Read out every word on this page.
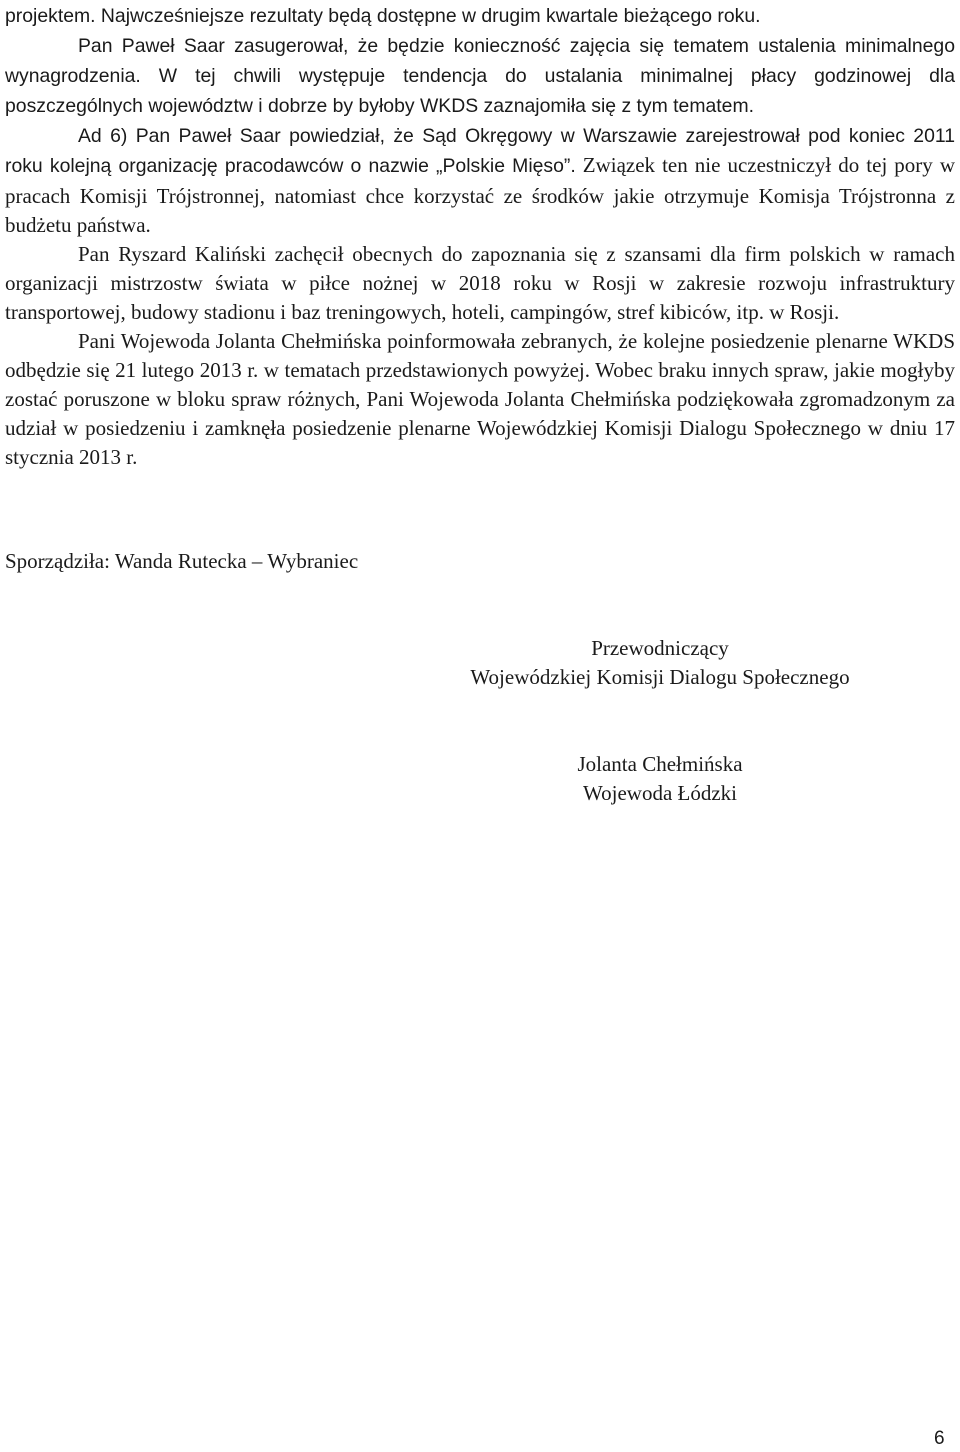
projektem. Najwcześniejsze rezultaty będą dostępne w drugim kwartale bieżącego roku.

Pan Paweł Saar zasugerował, że będzie konieczność zajęcia się tematem ustalenia minimalnego wynagrodzenia. W tej chwili występuje tendencja do ustalania minimalnej płacy godzinowej dla poszczególnych województw i dobrze by byłoby WKDS zaznajomiła się z tym tematem.

Ad 6) Pan Paweł Saar powiedział, że Sąd Okręgowy w Warszawie zarejestrował pod koniec 2011 roku kolejną organizację pracodawców o nazwie „Polskie Mięso”. Związek ten nie uczestniczył do tej pory w pracach Komisji Trójstronnej, natomiast chce korzystać ze środków jakie otrzymuje Komisja Trójstronna z budżetu państwa.

Pan Ryszard Kaliński zachęcił obecnych do zapoznania się z szansami dla firm polskich w ramach organizacji mistrzostw świata w piłce nożnej w 2018 roku w Rosji w zakresie rozwoju infrastruktury transportowej, budowy stadionu i baz treningowych, hoteli, campingów, stref kibiców, itp. w Rosji.

Pani Wojewoda Jolanta Chełmińska poinformowała zebranych, że kolejne posiedzenie plenarne WKDS odbędzie się 21 lutego 2013 r. w tematach przedstawionych powyżej. Wobec braku innych spraw, jakie mogłyby zostać poruszone w bloku spraw różnych, Pani Wojewoda Jolanta Chełmińska podziękowała zgromadzonym za udział w posiedzeniu i zamknęła posiedzenie plenarne Wojewódzkiej Komisji Dialogu Społecznego w dniu 17 stycznia 2013 r.

Sporządziła: Wanda Rutecka – Wybraniec
Przewodniczący
Wojewódzkiej Komisji Dialogu Społecznego
Jolanta Chełmińska
Wojewoda Łódzki
6
